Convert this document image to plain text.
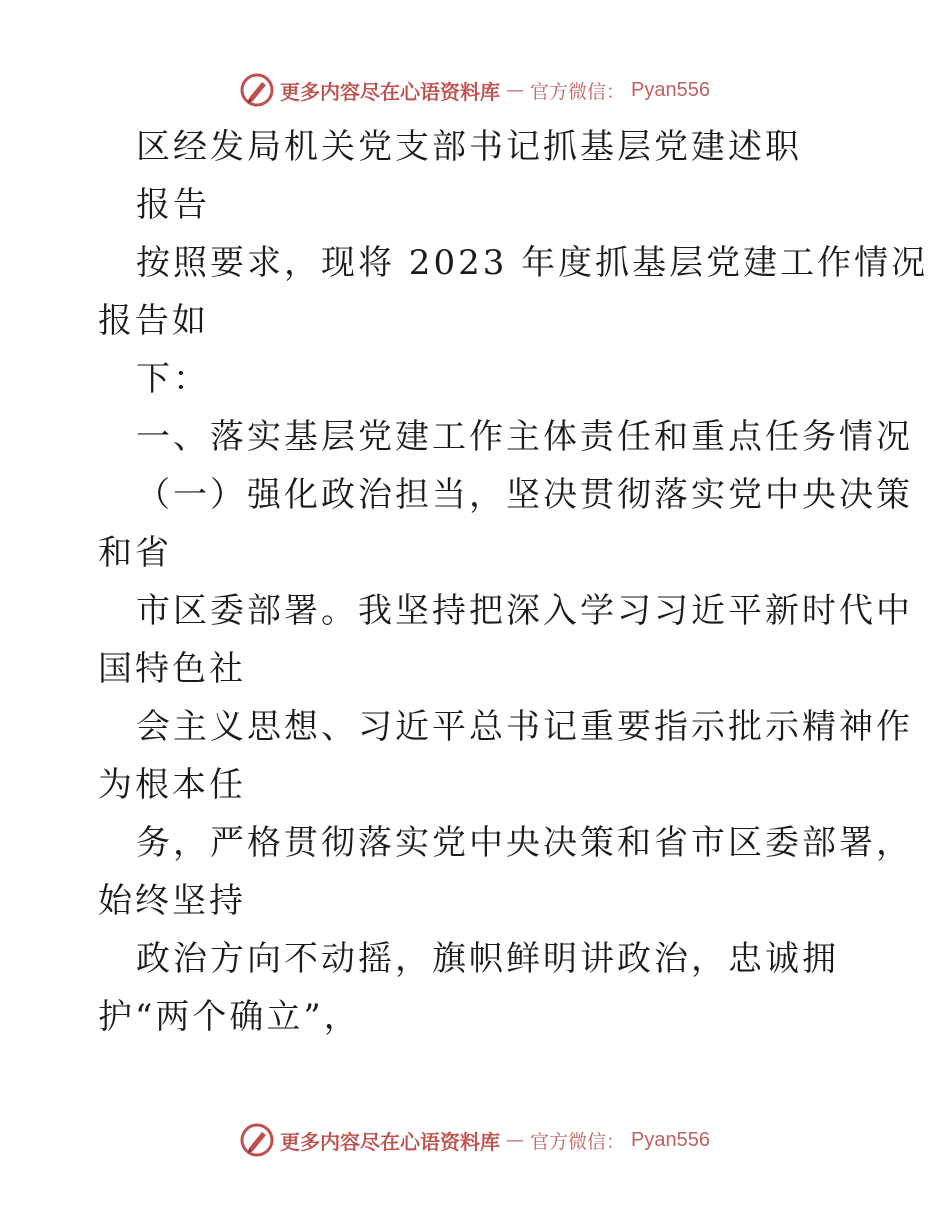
更多内容尽在心语资料库 — 官方微信： Pyan556
区经发局机关党支部书记抓基层党建述职
报告
按照要求，现将 2023 年度抓基层党建工作情况
报告如
下：
一、落实基层党建工作主体责任和重点任务情况
（一）强化政治担当，坚决贯彻落实党中央决策
和省
市区委部署。我坚持把深入学习习近平新时代中
国特色社
会主义思想、习近平总书记重要指示批示精神作
为根本任
务，严格贯彻落实党中央决策和省市区委部署，
始终坚持
政治方向不动摇，旗帜鲜明讲政治，忠诚拥
护“两个确立”，
更多内容尽在心语资料库 — 官方微信： Pyan556
